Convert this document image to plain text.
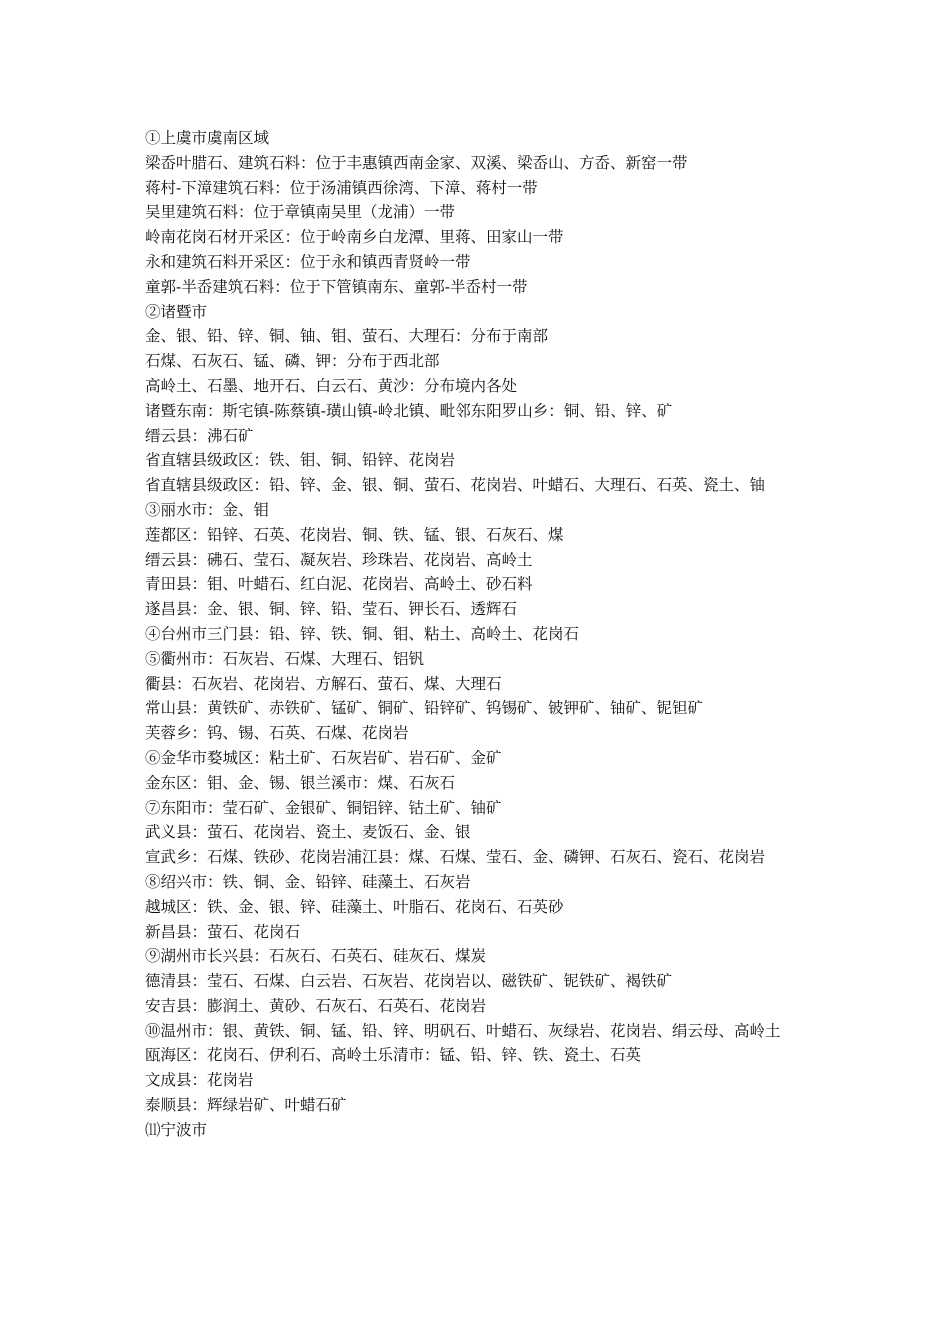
①上虞市虞南区域
梁岙叶腊石、建筑石料：位于丰惠镇西南金家、双溪、梁岙山、方岙、新窑一带
蒋村-下漳建筑石料：位于汤浦镇西徐湾、下漳、蒋村一带
吴里建筑石料：位于章镇南吴里（龙浦）一带
岭南花岗石材开采区：位于岭南乡白龙潭、里蒋、田家山一带
永和建筑石料开采区：位于永和镇西青贤岭一带
童郭-半岙建筑石料：位于下管镇南东、童郭-半岙村一带
②诸暨市
金、银、铅、锌、铜、铀、钼、萤石、大理石：分布于南部
石煤、石灰石、锰、磷、钾：分布于西北部
高岭土、石墨、地开石、白云石、黄沙：分布境内各处
诸暨东南：斯宅镇-陈蔡镇-璜山镇-岭北镇、毗邻东阳罗山乡：铜、铅、锌、矿
缙云县：沸石矿
省直辖县级政区：铁、钼、铜、铅锌、花岗岩
省直辖县级政区：铅、锌、金、银、铜、萤石、花岗岩、叶蜡石、大理石、石英、瓷土、铀
③丽水市：金、钼
莲都区：铅锌、石英、花岗岩、铜、铁、锰、银、石灰石、煤
缙云县：砩石、莹石、凝灰岩、珍珠岩、花岗岩、高岭土
青田县：钼、叶蜡石、红白泥、花岗岩、高岭土、砂石料
遂昌县：金、银、铜、锌、铅、莹石、钾长石、透辉石
④台州市三门县：铅、锌、铁、铜、钼、粘土、高岭土、花岗石
⑤衢州市：石灰岩、石煤、大理石、铝钒
衢县：石灰岩、花岗岩、方解石、萤石、煤、大理石
常山县：黄铁矿、赤铁矿、锰矿、铜矿、铅锌矿、钨锡矿、铍钾矿、铀矿、铌钽矿
芙蓉乡：钨、锡、石英、石煤、花岗岩
⑥金华市婺城区：粘土矿、石灰岩矿、岩石矿、金矿
金东区：钼、金、锡、银兰溪市：煤、石灰石
⑦东阳市：莹石矿、金银矿、铜铝锌、钴土矿、铀矿
武义县：萤石、花岗岩、瓷土、麦饭石、金、银
宣武乡：石煤、铁砂、花岗岩浦江县：煤、石煤、莹石、金、磷钾、石灰石、瓷石、花岗岩
⑧绍兴市：铁、铜、金、铅锌、硅藻土、石灰岩
越城区：铁、金、银、锌、硅藻土、叶脂石、花岗石、石英砂
新昌县：萤石、花岗石
⑨湖州市长兴县：石灰石、石英石、硅灰石、煤炭
德清县：莹石、石煤、白云岩、石灰岩、花岗岩以、磁铁矿、铌铁矿、褐铁矿
安吉县：膨润土、黄砂、石灰石、石英石、花岗岩
⑩温州市：银、黄铁、铜、锰、铅、锌、明矾石、叶蜡石、灰绿岩、花岗岩、绢云母、高岭土
瓯海区：花岗石、伊利石、高岭土乐清市：锰、铅、锌、铁、瓷土、石英
文成县：花岗岩
泰顺县：辉绿岩矿、叶蜡石矿
⑾宁波市
